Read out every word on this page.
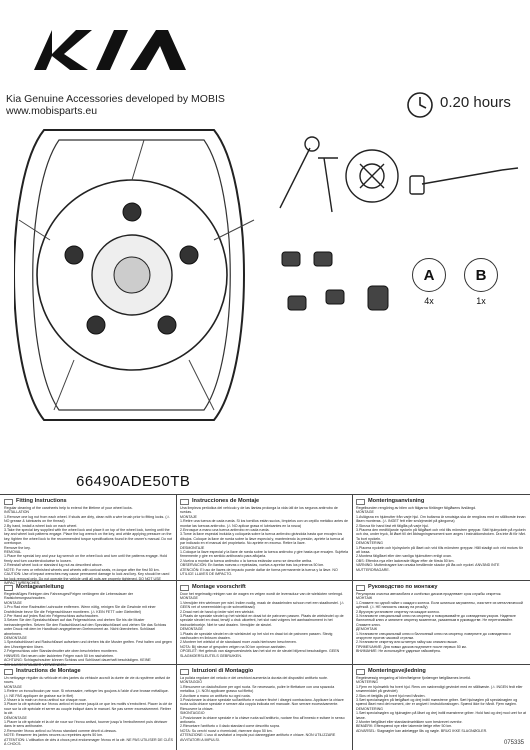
Kia Genuine Accessories developed by MOBIS
www.mobisparts.eu	0.20 hours
A
4x
B
1x
66490ADE50TB
Fitting Instructions

Regular cleaning of the carwheels help to extend the lifetime of your wheel locks.
INSTALLATION
1.Remove one lug nut from each wheel. If studs are dirty, clean with a wire brush prior to fitting locks. (⚠ NO grease & lubricants on the thread)
2.By hand, install a wheel lock on each wheel.
3.Take the special key supplied with the wheel lock and place it on top of the wheel lock, turning until the key and wheel lock patterns engage. Place the lug wrench on the key, and while applying pressure on the key, tighten the wheel lock to the recommended torque specifications found in the owner's manual. Do not overtorque.
Remove the key.
REMOVAL
1.Place the special key and your lug wrench on the wheel lock and turn until the patterns engage. Hold firmly and turn counterclockwise to loosen.
2.Reinstall wheel lock or standard lug nut as described above.
NOTE: For new or refinished wheels and wheels with conical seats, re-torque after the first 50 km.
CAUTION: Use of impact wrenches may cause permanent damage to lock and key. Key should be used for lock removal only. Do not operate the vehicle until all nuts are properly tightened. DO NOT USE IMPACT WRENCHES.

Instrucciones de Montaje

Una limpieza periódica del vehículo y de las llantas prolonga la vida útil de los seguros antirrobo de ruedas.
MONTAJE
1.Retire una tuerca de cada rueda. Si los tornillos están sucios, límpielos con un cepillo metálico antes de montar las tuercas antirrobo. (⚠ NO aplicar grasa ni lubricantes en la rosca)
2.Enrosque a mano una tuerca antirrobo en cada rueda.
3.Tome la llave especial incluida y colóquela sobre la tuerca antirrobo girándola hasta que encajen los dibujos. Coloque la llave de rueda sobre la llave especial y, manteniendo la presión, apriete la tuerca al par indicado en el manual del propietario. No apriete en exceso. Retire la llave.
DESMONTAJE
1.Coloque la llave especial y la llave de rueda sobre la tuerca antirrobo y gire hasta que encajen. Sujétela firmemente y gire en sentido antihorario para aflojarla.
2.Vuelva a montar la tuerca antirrobo o la tuerca estándar como se describe arriba.
OBSERVACIÓN: En llantas nuevas o repintadas, vuelva a apretar tras los primeros 50 km.
ATENCIÓN: El uso de llaves de impacto puede dañar de forma permanente la tuerca y la llave. NO UTILICE LLAVES DE IMPACTO.

Monteringsanvisning

Regelbunden rengöring av bilen och fälgarna förlänger fälglåsens livslängd.
MONTAGE
1.Avlägsna en hjulmutter från varje hjul. Om bultarna är smutsiga ska de rengöras med en stålborste innan låsen monteras. (⚠ INGET fett eller smörjmedel på gängorna)
2.Skruva för hand fast ett fälglås på varje hjul.
3.Placera den medföljande nyckeln på fälglåset och vrid tills mönstren greppar. Sätt hjulnyckeln på nyckeln och dra, under tryck, åt låset till det åtdragningsmoment som anges i instruktionsboken. Dra inte åt för hårt. Ta bort nyckeln.
DEMONTERING
1.Placera nyckeln och hjulnyckeln på låset och vrid tills mönstren greppar. Håll stadigt och vrid moturs för att lossa.
2.Montera fälglåset eller den vanliga hjulmuttern enligt ovan.
OBS: Efterdra nya eller lackerade fälgar efter de första 50 km.
VARNING: Mutterdragare kan orsaka bestående skador på lås och nyckel. ANVÄND INTE MUTTERDRAGARE.

Montageanleitung

Regelmäßiges Reinigen des Fahrzeuges/Felgen verlängern die Lebensdauer der Radsicherungsschrauben.
MONTAGE
1.Pro Rad eine Radmutter/-schraube entfernen. Wenn nötig, reinigen Sie die Gewinde mit einer Drahtbürste bevor Sie die Felgenschlösser montieren. (⚠ KEIN FETT oder Gleitmittel)
2.Per Hand auf jedes Rad ein Felgenschloss aufschrauben.
3.Setzen Sie den Spezialschlüssel auf das Felgenschloss und drehen Sie bis die Muster ineinandergreifen. Setzen Sie den Radschlüssel auf den Spezialschlüssel und ziehen Sie das Schloss unter Druck mit dem im Handbuch angegebenen Drehmoment an. Nicht überdrehen. Schlüssel abnehmen.
DEMONTAGE
1.Spezialschlüssel und Radschlüssel aufsetzen und drehen bis die Muster greifen. Fest halten und gegen den Uhrzeigersinn lösen.
2.Felgenschloss oder Standardmutter wie oben beschrieben montieren.
HINWEIS: Bei neuen oder lackierten Felgen nach 50 km nachziehen.
ACHTUNG: Schlagschrauber können Schloss und Schlüssel dauerhaft beschädigen. KEINE SCHLAGSCHRAUBER VERWENDEN.

Montage voorschrift

Door het regelmatig reinigen van de wagen en velgen wordt de levensduur van de wielsloten verlengd.
MONTAGE
1.Verwijder één wielmoer per wiel. Indien nodig, maak de draadeinden schoon met een staalborstel. (⚠ GEEN vet of smeermiddel op de schroefdraad)
2.Draai met de hand op ieder wiel een wielslot.
3.Plaats de speciale sleutel op het wielslot en draai tot de patronen passen. Plaats de wielsleutel op de speciale sleutel en draai, terwijl u druk uitoefent, het slot vast volgens het aanhaalmoment in het instructieboekje. Niet te vast draaien. Verwijder de sleutel.
DEMONTAGE
1.Plaats de speciale sleutel en de wielsleutel op het slot en draai tot de patronen passen. Stevig vasthouden en linksom draaien.
2.Monteer het wielslot of de standaard moer zoals hierboven beschreven.
NOTA: Bij nieuwe of gespoten velgen na 50 km opnieuw aanhalen.
OPGELET: Het gebruik van slagmoersleutels kan het slot en de sleutel blijvend beschadigen. GEEN SLAGMOERSLEUTELS GEBRUIKEN.

Руководство по монтажу

Регулярная очистка автомобиля и колёсных дисков продлевает срок службы секреток.
МОНТАЖ
1.Снимите по одной гайке с каждого колеса. Если шпильки загрязнены, очистите их металлической щёткой. (⚠ НЕ наносить смазку на резьбу)
2.Вручную установите секретку на каждое колесо.
3.Установите специальный ключ на секретку и поворачивайте до совпадения узоров. Наденьте баллонный ключ и затяните секретку моментом, указанным в руководстве. Не перетягивайте. Снимите ключ.
ДЕМОНТАЖ
1.Установите специальный ключ и баллонный ключ на секретку, поверните до совпадения и открутите против часовой стрелки.
2.Установите секретку или штатную гайку как описано выше.
ПРИМЕЧАНИЕ: Для новых дисков подтяните после первых 50 км.
ВНИМАНИЕ: Не используйте ударные гайковёрты.

Instructions de Montage

Un nettoyage régulier du véhicule et des jantes du véhicule accroît la durée de vie du système antivol de roues.
MONTAGE
1.Retirer un écrou/boulon par roue. Si nécessaire, nettoyer les goujons à l'aide d'une brosse métallique. (⚠ NE PAS appliquer de graisse sur le filet)
2.Visser à la main un écrou antivol sur chaque roue.
3.Placer la clé spéciale sur l'écrou antivol et tourner jusqu'à ce que les motifs s'emboîtent. Placer la clé de roue sur la clé spéciale et serrer au couple indiqué dans le manuel. Ne pas serrer excessivement. Retirer la clé.
DÉMONTAGE
1.Placer la clé spéciale et la clé de roue sur l'écrou antivol, tourner jusqu'à l'emboîtement puis dévisser dans le sens antihoraire.
2.Remonter l'écrou antivol ou l'écrou standard comme décrit ci-dessus.
NOTE: Resserrer les jantes neuves ou repeintes après 50 km.
ATTENTION: L'utilisation de clés à chocs peut endommager l'écrou et la clé. NE PAS UTILISER DE CLÉS À CHOCS.

Istruzioni di Montaggio

La pulizia regolare del veicolo e dei cerchioni aumenta la durata dei dispositivi antifurto ruote.
MONTAGGIO
1.Rimuovere un dado/bullone per ogni ruota. Se necessario, pulire le filettature con una spazzola metallica. (⚠ NON applicare grasso sul filetto)
2.Avvitare a mano un antifurto su ogni ruota.
3.Posizionare la chiave speciale sull'antifurto e ruotare finché i disegni combaciano. Applicare la chiave ruota sulla chiave speciale e serrare alla coppia indicata nel manuale. Non serrare eccessivamente. Rimuovere la chiave.
SMONTAGGIO
1.Posizionare la chiave speciale e la chiave ruota sull'antifurto, ruotare fino all'innesto e svitare in senso antiorario.
2.Rimontare l'antifurto o il dado standard come descritto sopra.
NOTA: Su cerchi nuovi o riverniciati, riserrare dopo 50 km.
ATTENZIONE: L'uso di avvitatori a impulsi può danneggiare antifurto e chiave. NON UTILIZZARE AVVITATORI A IMPULSI.

Monteringsvejledning

Regelmæssig rengøring af bilen/fælgene fjorlænger fælglåsenes levetid.
MONTERING
1.Fjern en hjulmøtrik fra hvert hjul. Rens om nødvendigt gevindet med en stålbørste. (⚠ INGEN fedt eller smøremiddel på gevindet)
2.Skru et fælglås på hvert hjul med hånden.
3.Sæt specialnøglen på fælglåset og drej indtil mønstrene griber. Sæt hjulnøglen på specialnøglen og spænd låset med det moment, der er angivet i instruktionsbogen. Spænd ikke for hårdt. Fjern nøglen.
DEMONTERING
1.Sæt specialnøglen og hjulnøglen på låset og drej indtil mønstrene griber. Hold fast og drej mod uret for at løsne.
2.Monter fælglåset eller standardmøtrikken som beskrevet ovenfor.
BEMÆRK: Efterspænd nye eller lakerede fælge efter 50 km.
ADVARSEL: Slagnøgler kan ødelægge lås og nøgle. BRUG IKKE SLAGNØGLER.

075335
